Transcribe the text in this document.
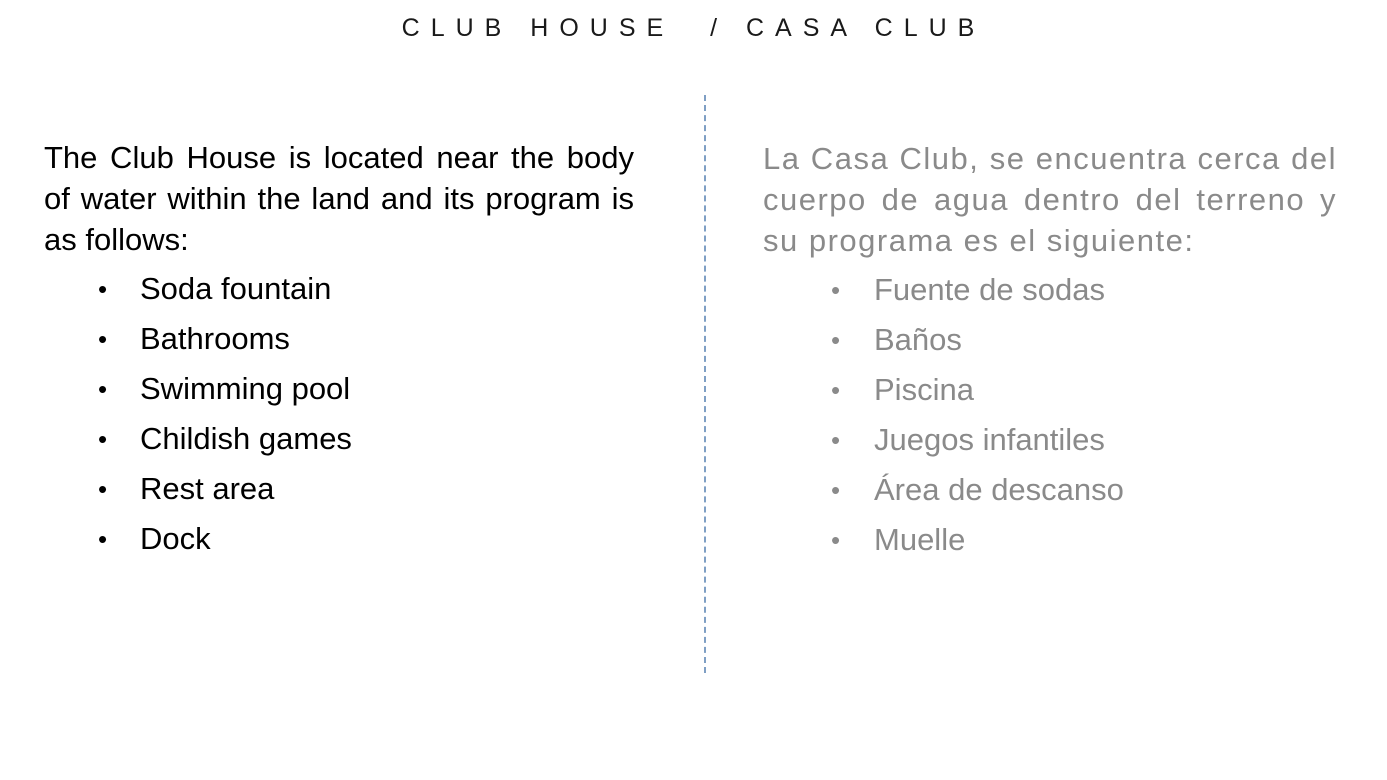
CLUB HOUSE  / CASA CLUB

The Club House is located near the body of water within the land and its program is as follows:

• Soda fountain
• Bathrooms
• Swimming pool
• Childish games
• Rest area
• Dock

La Casa Club, se encuentra cerca del cuerpo de agua dentro del terreno y su programa es el siguiente:

• Fuente de sodas
• Baños
• Piscina
• Juegos infantiles
• Área de descanso
• Muelle
